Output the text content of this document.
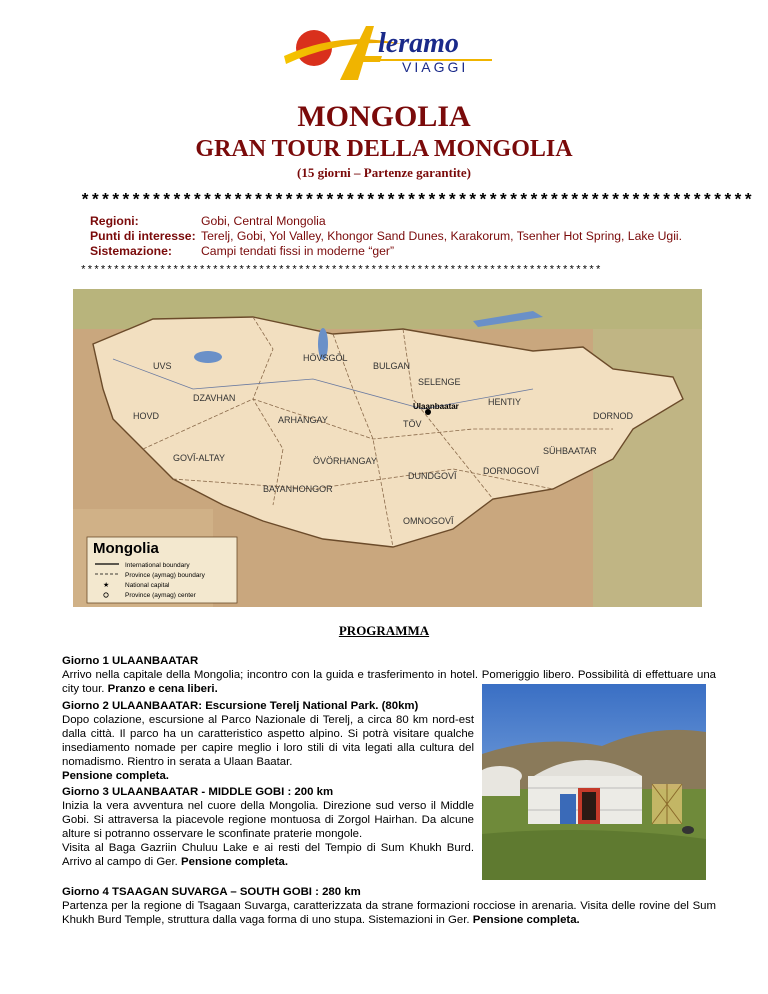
leramo
VIAGGI
MONGOLIA
GRAN TOUR DELLA MONGOLIA
(15 giorni – Partenze garantite)
******************************************************************
Regioni:	Gobi, Central Mongolia
Punti di interesse: Terelj, Gobi, Yol Valley, Khongor Sand Dunes, Karakorum, Tsenher Hot Spring, Lake Ugii.
Sistemazione: Campi tendati fissi in moderne “ger”
*******************************************************************************
Ulaanbaatar
UVS
DZAVHAN
HOVD
HÖVSGÖL
BULGAN
SELENGE
HENTIY
DORNOD
SÜHBAATAR
ARHANGAY	TÖV
GOVĬ-ALTAY	ÖVÖRHANGAY
BAYANHONGOR
DUNDGOVĬ	DORNOGOVĬ
OMNOGOVĬ
Mongolia
International boundary
Province (aymag) boundary
★ National capital
Province (aymag) center
PROGRAMMA
Giorno 1 ULAANBAATAR
Arrivo nella capitale della Mongolia; incontro con la guida e trasferimento in hotel. Pomeriggio libero. Possibilità di effettuare una city tour. Pranzo e cena liberi.
Giorno 2 ULAANBAATAR: Escursione Terelj National Park. (80km)
Dopo colazione, escursione al Parco Nazionale di Terelj, a circa 80 km nord-est dalla città. Il parco ha un caratteristico aspetto alpino. Si potrà visitare qualche insediamento nomade per capire meglio i loro stili di vita legati alla cultura del nomadismo. Rientro in serata a Ulaan Baatar.
Pensione completa.
Giorno 3 ULAANBAATAR - MIDDLE GOBI : 200 km
Inizia la vera avventura nel cuore della Mongolia. Direzione sud verso il Middle Gobi. Si attraversa la piacevole regione montuosa di Zorgol Hairhan. Da alcune alture si potranno osservare le sconfinate praterie mongole.
Visita al Baga Gazriin Chuluu Lake e ai resti del Tempio di Sum Khukh Burd. Arrivo al campo di Ger. Pensione completa.
Giorno 4 TSAAGAN SUVARGA – SOUTH GOBI : 280 km
Partenza per la regione di Tsagaan Suvarga, caratterizzata da strane formazioni rocciose in arenaria. Visita delle rovine del Sum Khukh Burd Temple, struttura dalla vaga forma di uno stupa. Sistemazioni in Ger. Pensione completa.
